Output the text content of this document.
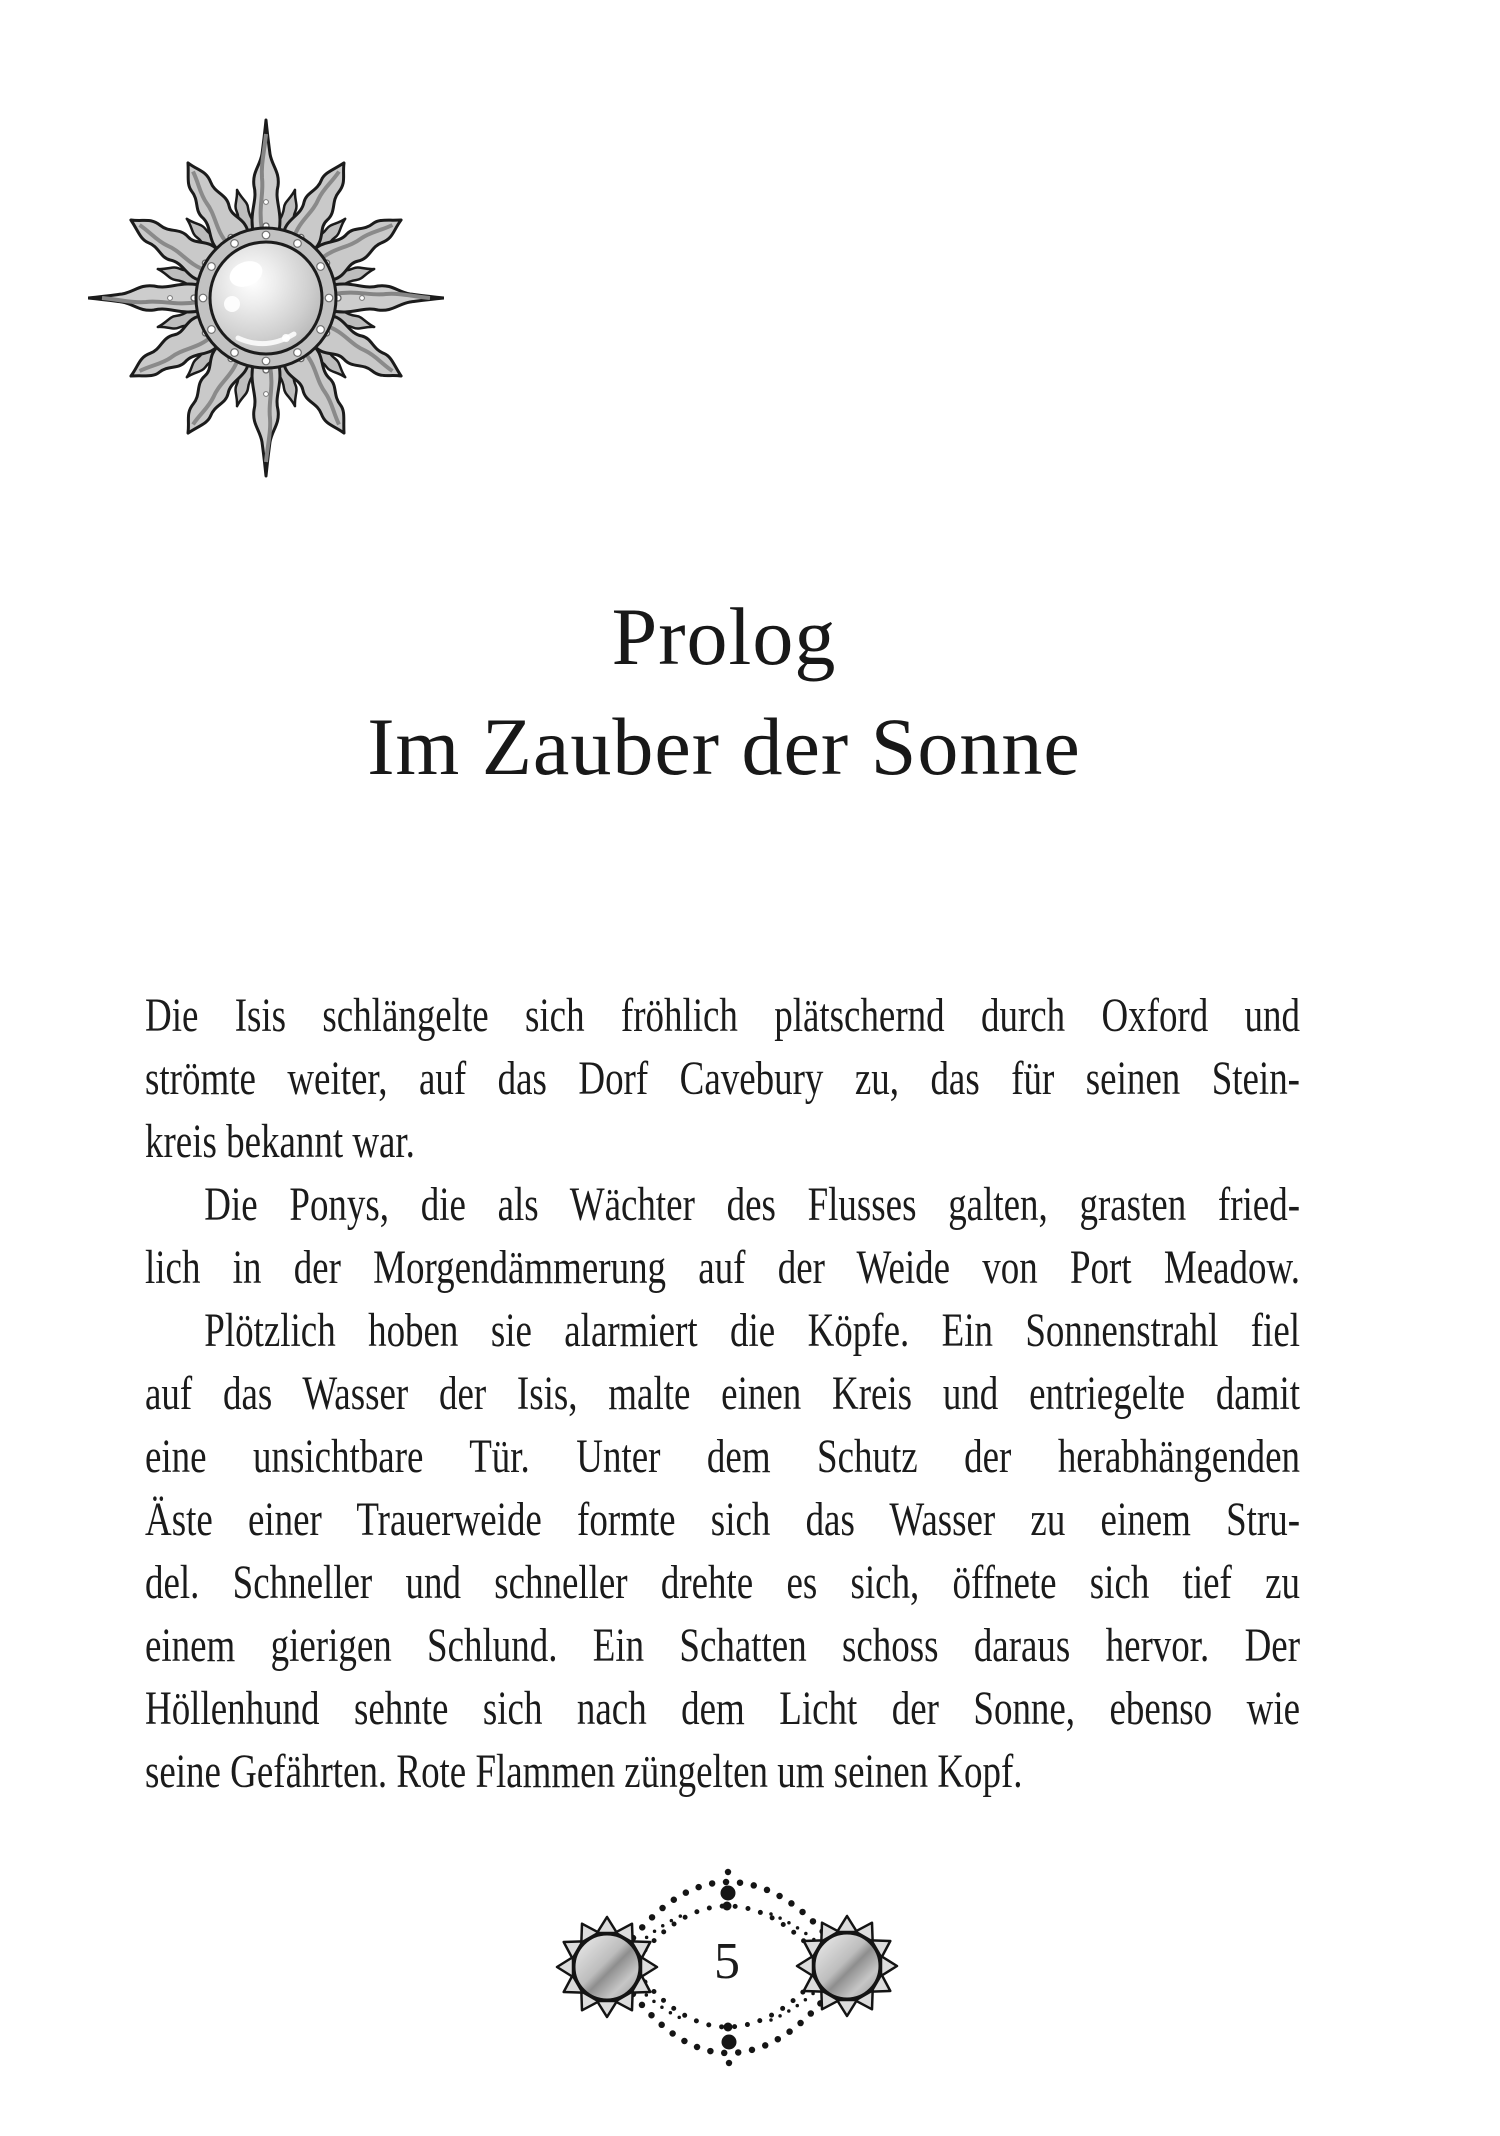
Prolog
Im Zauber der Sonne
Die Isis schlängelte sich fröhlich plätschernd durch Oxford und
strömte weiter, auf das Dorf Cavebury zu, das für seinen Stein-
kreis bekannt war.
Die Ponys, die als Wächter des Flusses galten, grasten fried-
lich in der Morgendämmerung auf der Weide von Port Meadow.
Plötzlich hoben sie alarmiert die Köpfe. Ein Sonnenstrahl fiel
auf das Wasser der Isis, malte einen Kreis und entriegelte damit
eine unsichtbare Tür. Unter dem Schutz der herabhängenden
Äste einer Trauerweide formte sich das Wasser zu einem Stru-
del. Schneller und schneller drehte es sich, öffnete sich tief zu
einem gierigen Schlund. Ein Schatten schoss daraus hervor. Der
Höllenhund sehnte sich nach dem Licht der Sonne, ebenso wie
seine Gefährten. Rote Flammen züngelten um seinen Kopf.
5
